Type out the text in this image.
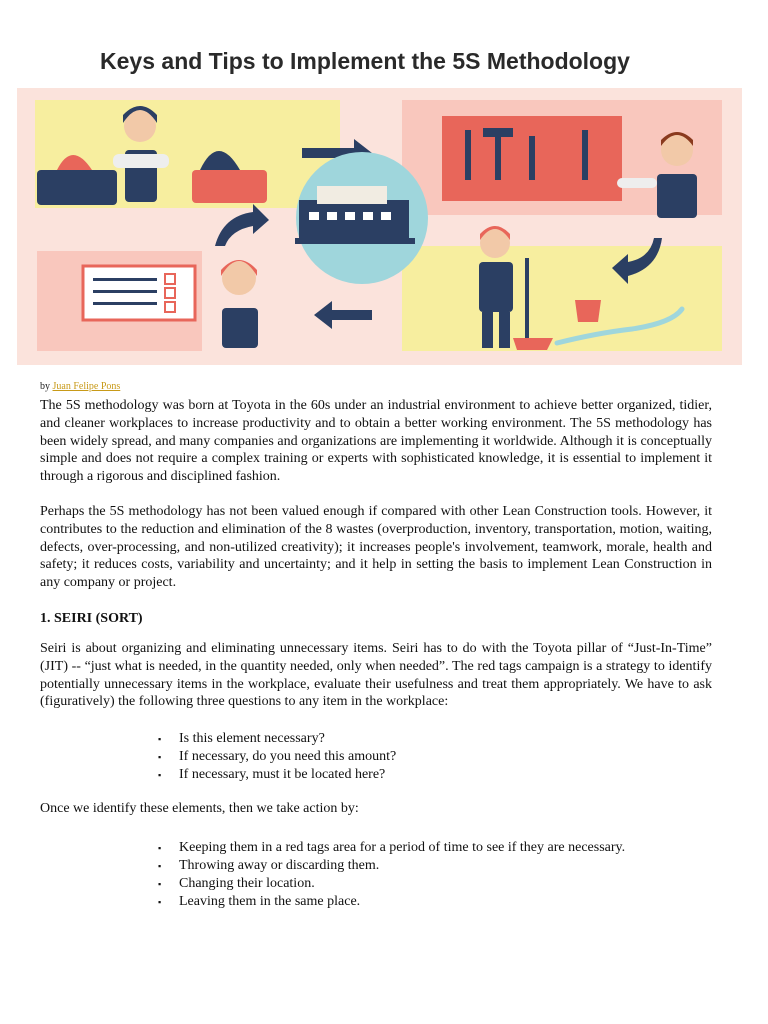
Keys and Tips to Implement the 5S Methodology
by Juan Felipe Pons

The 5S methodology was born at Toyota in the 60s under an industrial environment to achieve better organized, tidier, and cleaner workplaces to increase productivity and to obtain a better working environment. The 5S methodology has been widely spread, and many companies and organizations are implementing it worldwide. Although it is conceptually simple and does not require a complex training or experts with sophisticated knowledge, it is essential to implement it through a rigorous and disciplined fashion.

Perhaps the 5S methodology has not been valued enough if compared with other Lean Construction tools. However, it contributes to the reduction and elimination of the 8 wastes (overproduction, inventory, transportation, motion, waiting, defects, over-processing, and non-utilized creativity); it increases people's involvement, teamwork, morale, health and safety; it reduces costs, variability and uncertainty; and it help in setting the basis to implement Lean Construction in any company or project.

1. SEIRI (SORT)

Seiri is about organizing and eliminating unnecessary items. Seiri has to do with the Toyota pillar of “Just-In-Time” (JIT) -- “just what is needed, in the quantity needed, only when needed”. The red tags campaign is a strategy to identify potentially unnecessary items in the workplace, evaluate their usefulness and treat them appropriately. We have to ask (figuratively) the following three questions to any item in the workplace:

▪ Is this element necessary?
▪ If necessary, do you need this amount?
▪ If necessary, must it be located here?

Once we identify these elements, then we take action by:

▪ Keeping them in a red tags area for a period of time to see if they are necessary.
▪ Throwing away or discarding them.
▪ Changing their location.
▪ Leaving them in the same place.
